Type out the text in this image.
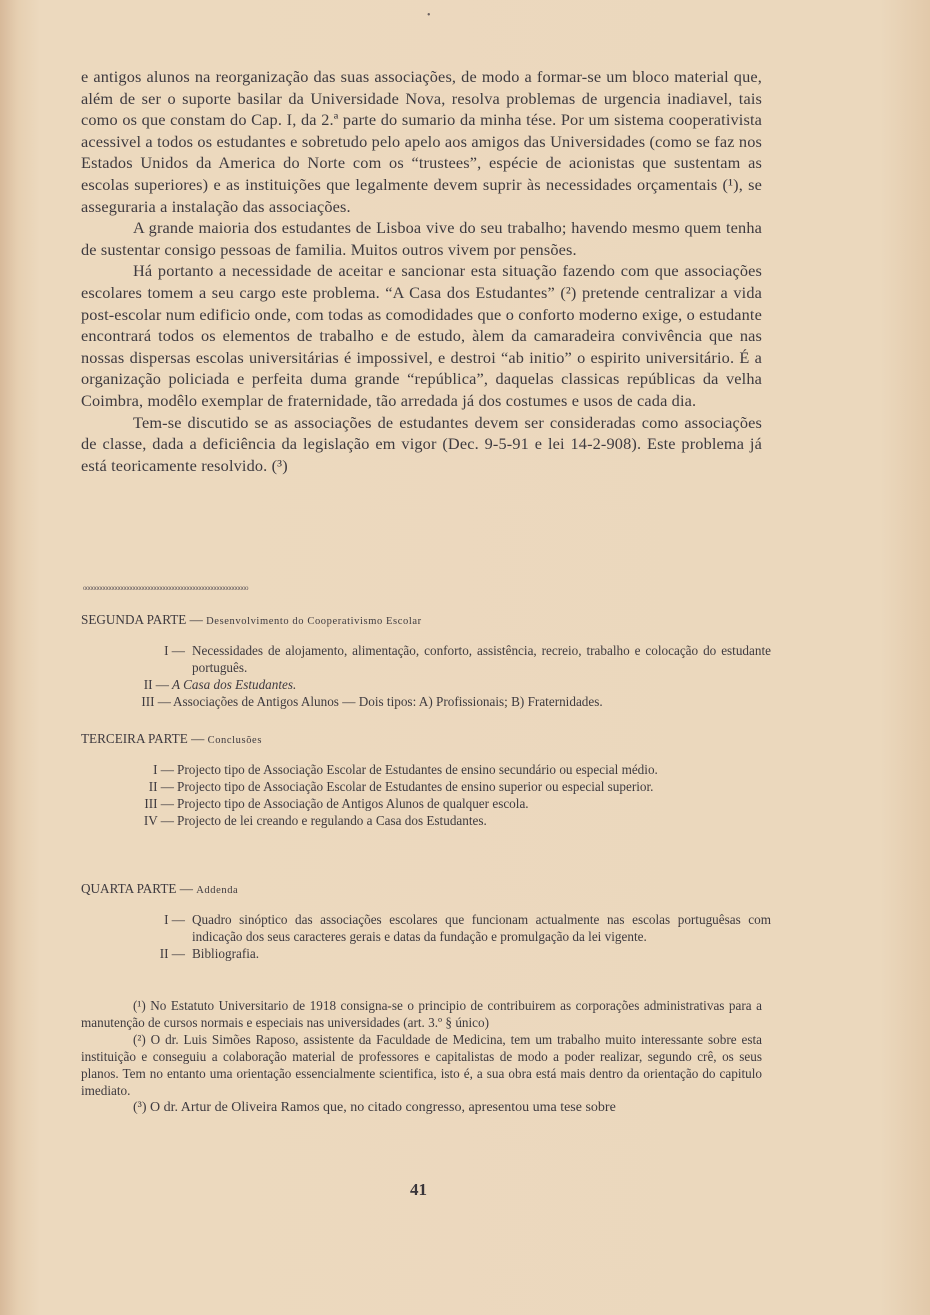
•

e antigos alunos na reorganização das suas associações, de modo a formar-se um bloco material que, além de ser o suporte basilar da Universidade Nova, resolva problemas de urgencia inadiavel, tais como os que constam do Cap. I, da 2.ª parte do sumario da minha tése. Por um sistema cooperativista acessivel a todos os estudantes e sobretudo pelo apelo aos amigos das Universidades (como se faz nos Estados Unidos da America do Norte com os “trustees”, espécie de acionistas que sustentam as escolas superiores) e as instituições que legalmente devem suprir às necessidades orçamentais (¹), se asseguraria a instalação das associações.

A grande maioria dos estudantes de Lisboa vive do seu trabalho; havendo mesmo quem tenha de sustentar consigo pessoas de familia. Muitos outros vivem por pensões.

Há portanto a necessidade de aceitar e sancionar esta situação fazendo com que associações escolares tomem a seu cargo este problema. “A Casa dos Estudantes” (²) pretende centralizar a vida post-escolar num edificio onde, com todas as comodidades que o conforto moderno exige, o estudante encontrará todos os elementos de trabalho e de estudo, àlem da camaradeira convivência que nas nossas dispersas escolas universitárias é impossivel, e destroi “ab initio” o espirito universitário. É a organização policiada e perfeita duma grande “república”, daquelas classicas repúblicas da velha Coimbra, modêlo exemplar de fraternidade, tão arredada já dos costumes e usos de cada dia.

Tem-se discutido se as associações de estudantes devem ser consideradas como associações de classe, dada a deficiência da legislação em vigor (Dec. 9-5-91 e lei 14-2-908). Este problema já está teoricamente resolvido. (³)

ooooooooooooooooooooooooooooooooooooooooooooooooooooooo

SEGUNDA PARTE — Desenvolvimento do Cooperativismo Escolar

I — Necessidades de alojamento, alimentação, conforto, assistência, recreio, trabalho e colocação do estudante português.

II — A Casa dos Estudantes.

III — Associações de Antigos Alunos — Dois tipos: A) Profissionais; B) Fraternidades.

TERCEIRA PARTE — Conclusões

I — Projecto tipo de Associação Escolar de Estudantes de ensino secundário ou especial médio.

II — Projecto tipo de Associação Escolar de Estudantes de ensino superior ou especial superior.

III — Projecto tipo de Associação de Antigos Alunos de qualquer escola.

IV — Projecto de lei creando e regulando a Casa dos Estudantes.

QUARTA PARTE — Addenda

I — Quadro sinóptico das associações escolares que funcionam actualmente nas escolas portuguêsas com indicação dos seus caracteres gerais e datas da fundação e promulgação da lei vigente.

II — Bibliografia.

(¹) No Estatuto Universitario de 1918 consigna-se o principio de contribuirem as corporações administrativas para a manutenção de cursos normais e especiais nas universidades (art. 3.º § único)

(²) O dr. Luis Simões Raposo, assistente da Faculdade de Medicina, tem um trabalho muito interessante sobre esta instituição e conseguiu a colaboração material de professores e capitalistas de modo a poder realizar, segundo crê, os seus planos. Tem no entanto uma orientação essencialmente scientifica, isto é, a sua obra está mais dentro da orientação do capitulo imediato.

(³) O dr. Artur de Oliveira Ramos que, no citado congresso, apresentou uma tese sobre

41
